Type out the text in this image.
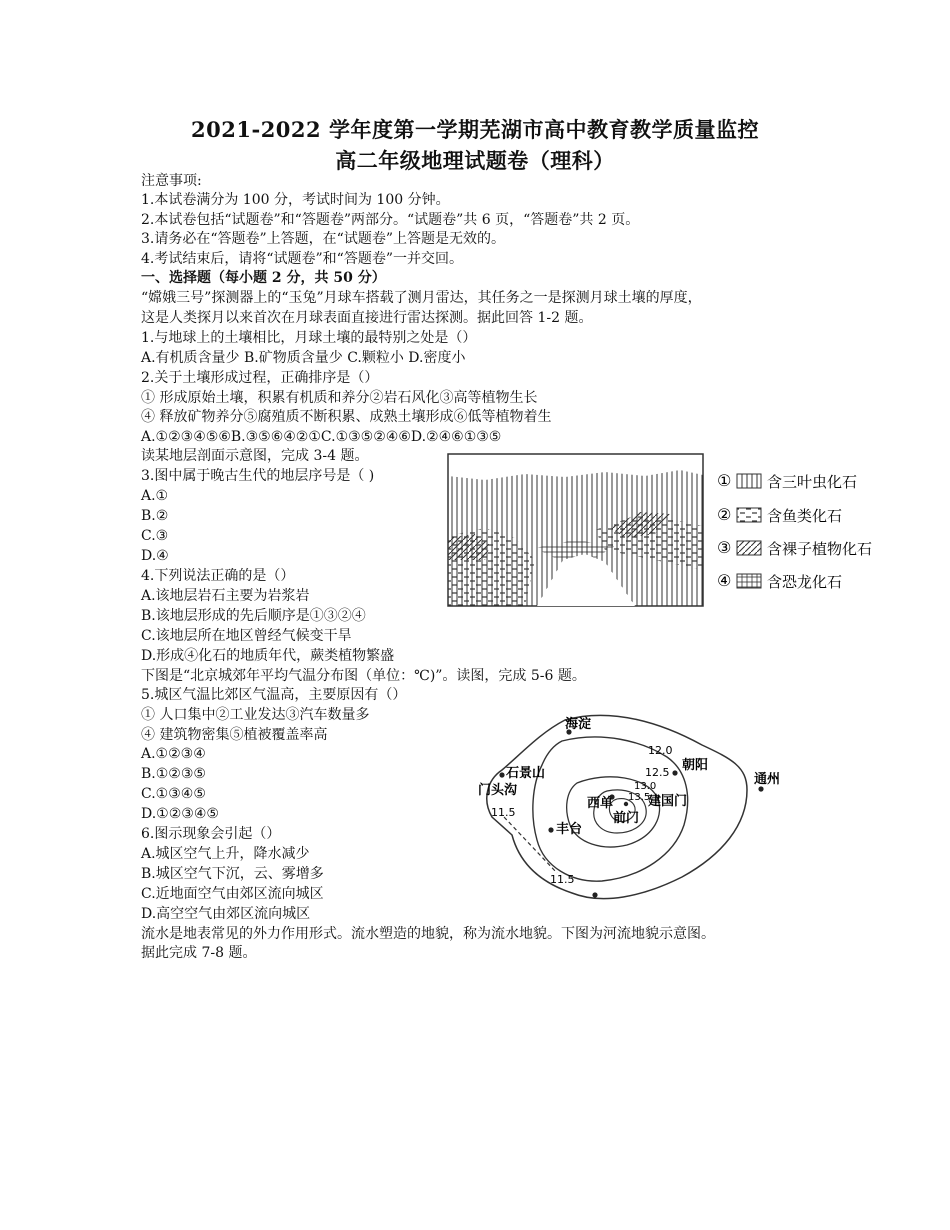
2021-2022 学年度第一学期芜湖市高中教育教学质量监控
高二年级地理试题卷（理科）
注意事项:
1.本试卷满分为 100 分，考试时间为 100 分钟。
2.本试卷包括“试题卷”和“答题卷”两部分。“试题卷”共 6 页，“答题卷”共 2 页。
3.请务必在“答题卷”上答题，在“试题卷”上答题是无效的。
4.考试结束后，请将“试题卷”和“答题卷”一并交回。
一、选择题（每小题 2 分，共 50 分）
“嫦娥三号”探测器上的“玉兔”月球车搭载了测月雷达，其任务之一是探测月球土壤的厚度，
这是人类探月以来首次在月球表面直接进行雷达探测。据此回答 1-2 题。
1.与地球上的土壤相比，月球土壤的最特别之处是（）
A.有机质含量少 B.矿物质含量少 C.颗粒小 D.密度小
2.关于土壤形成过程，正确排序是（）
① 形成原始土壤，积累有机质和养分②岩石风化③高等植物生长
④ 释放矿物养分⑤腐殖质不断积累、成熟土壤形成⑥低等植物着生
A.①②③④⑤⑥B.③⑤⑥④②①C.①③⑤②④⑥D.②④⑥①③⑤
读某地层剖面示意图，完成 3-4 题。
3.图中属于晚古生代的地层序号是（ )
A.①
B.②
C.③
D.④
4.下列说法正确的是（）
A.该地层岩石主要为岩浆岩
B.该地层形成的先后顺序是①③②④
C.该地层所在地区曾经气候变干旱
D.形成④化石的地质年代，蕨类植物繁盛
下图是“北京城郊年平均气温分布图（单位：℃)”。读图，完成 5-6 题。
5.城区气温比郊区气温高，主要原因有（）
① 人口集中②工业发达③汽车数量多
④ 建筑物密集⑤植被覆盖率高
A.①②③④
B.①②③⑤
C.①③④⑤
D.①②③④⑤
6.图示现象会引起（）
A.城区空气上升，降水减少
B.城区空气下沉，云、雾增多
C.近地面空气由郊区流向城区
D.高空空气由郊区流向城区
流水是地表常见的外力作用形式。流水塑造的地貌，称为流水地貌。下图为河流地貌示意图。
据此完成 7-8 题。
① 含三叶虫化石
② 含鱼类化石
③ 含裸子植物化石
④ 含恐龙化石
海淀
朝阳
石景山
门头沟
通州
西单	建国门
前门
丰台
12.0
12.5
13.0
13.5
11.5
11.5
